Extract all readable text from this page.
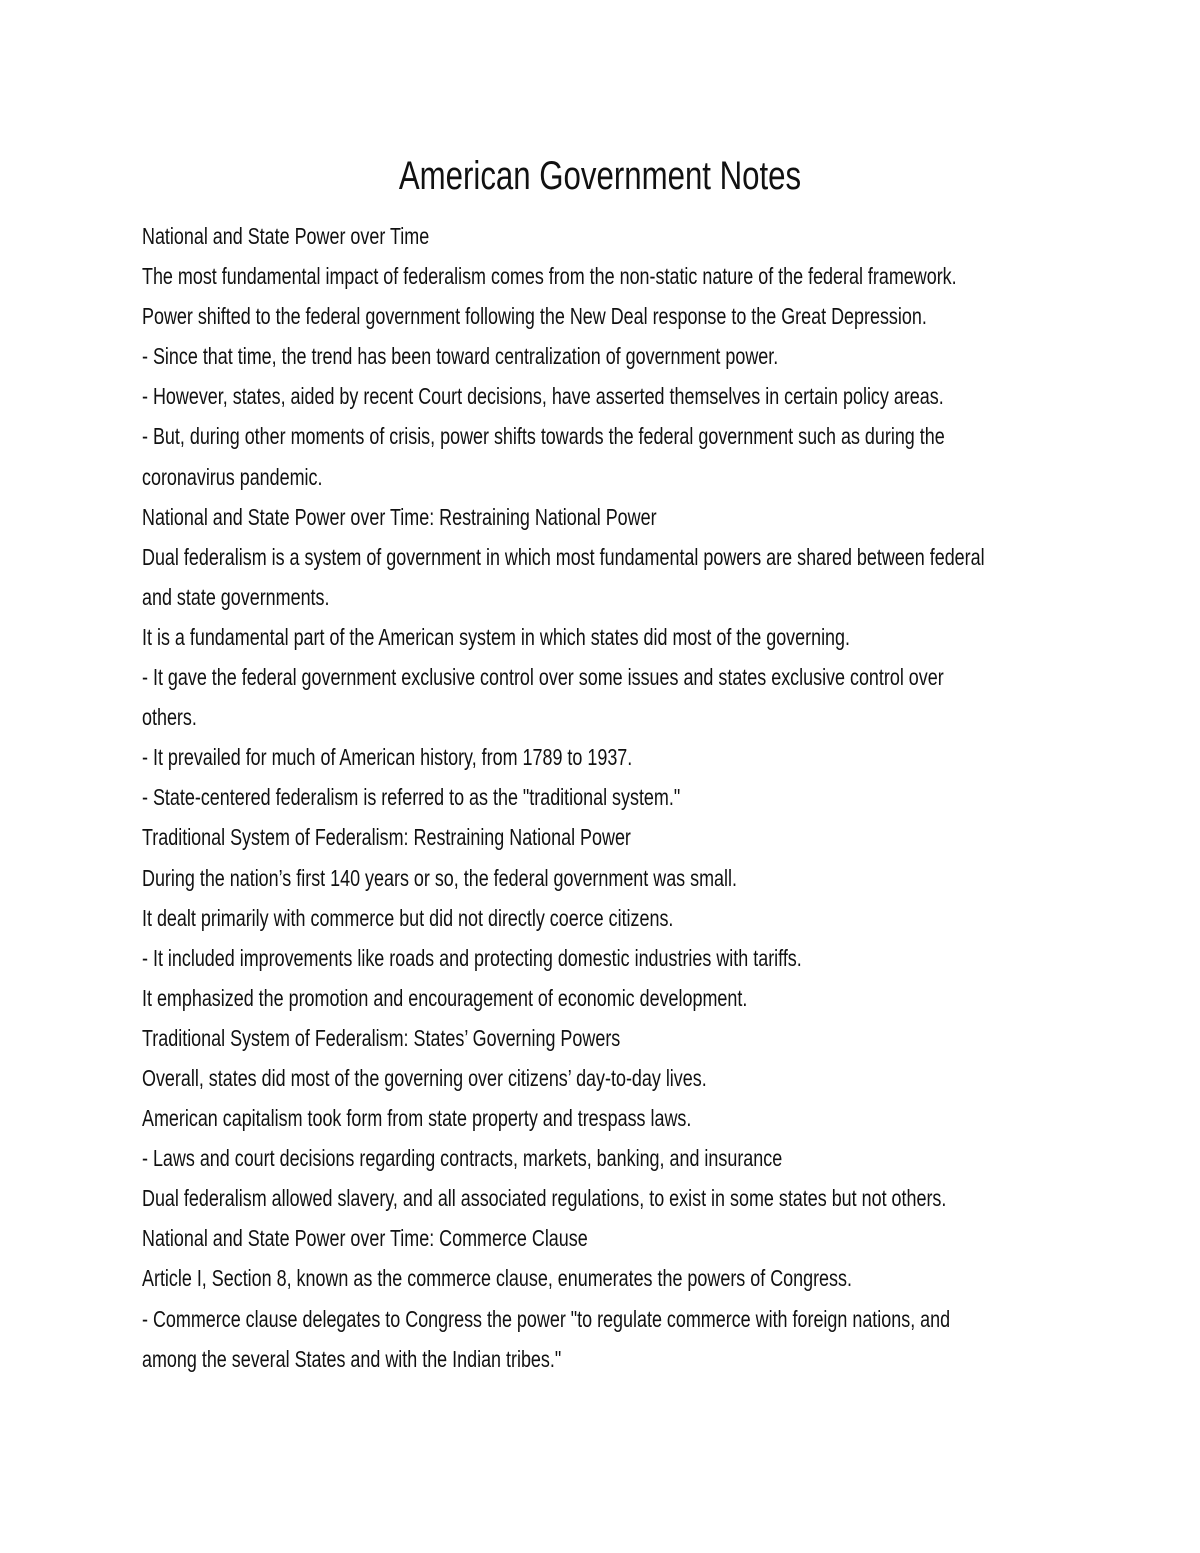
American Government Notes
National and State Power over Time
The most fundamental impact of federalism comes from the non-static nature of the federal framework.
Power shifted to the federal government following the New Deal response to the Great Depression.
- Since that time, the trend has been toward centralization of government power.
- However, states, aided by recent Court decisions, have asserted themselves in certain policy areas.
- But, during other moments of crisis, power shifts towards the federal government such as during the
coronavirus pandemic.
National and State Power over Time: Restraining National Power
Dual federalism is a system of government in which most fundamental powers are shared between federal
and state governments.
It is a fundamental part of the American system in which states did most of the governing.
- It gave the federal government exclusive control over some issues and states exclusive control over
others.
- It prevailed for much of American history, from 1789 to 1937.
- State-centered federalism is referred to as the "traditional system."
Traditional System of Federalism: Restraining National Power
During the nation’s first 140 years or so, the federal government was small.
It dealt primarily with commerce but did not directly coerce citizens.
- It included improvements like roads and protecting domestic industries with tariffs.
It emphasized the promotion and encouragement of economic development.
Traditional System of Federalism: States’ Governing Powers
Overall, states did most of the governing over citizens’ day-to-day lives.
American capitalism took form from state property and trespass laws.
- Laws and court decisions regarding contracts, markets, banking, and insurance
Dual federalism allowed slavery, and all associated regulations, to exist in some states but not others.
National and State Power over Time: Commerce Clause
Article I, Section 8, known as the commerce clause, enumerates the powers of Congress.
- Commerce clause delegates to Congress the power "to regulate commerce with foreign nations, and
among the several States and with the Indian tribes."
